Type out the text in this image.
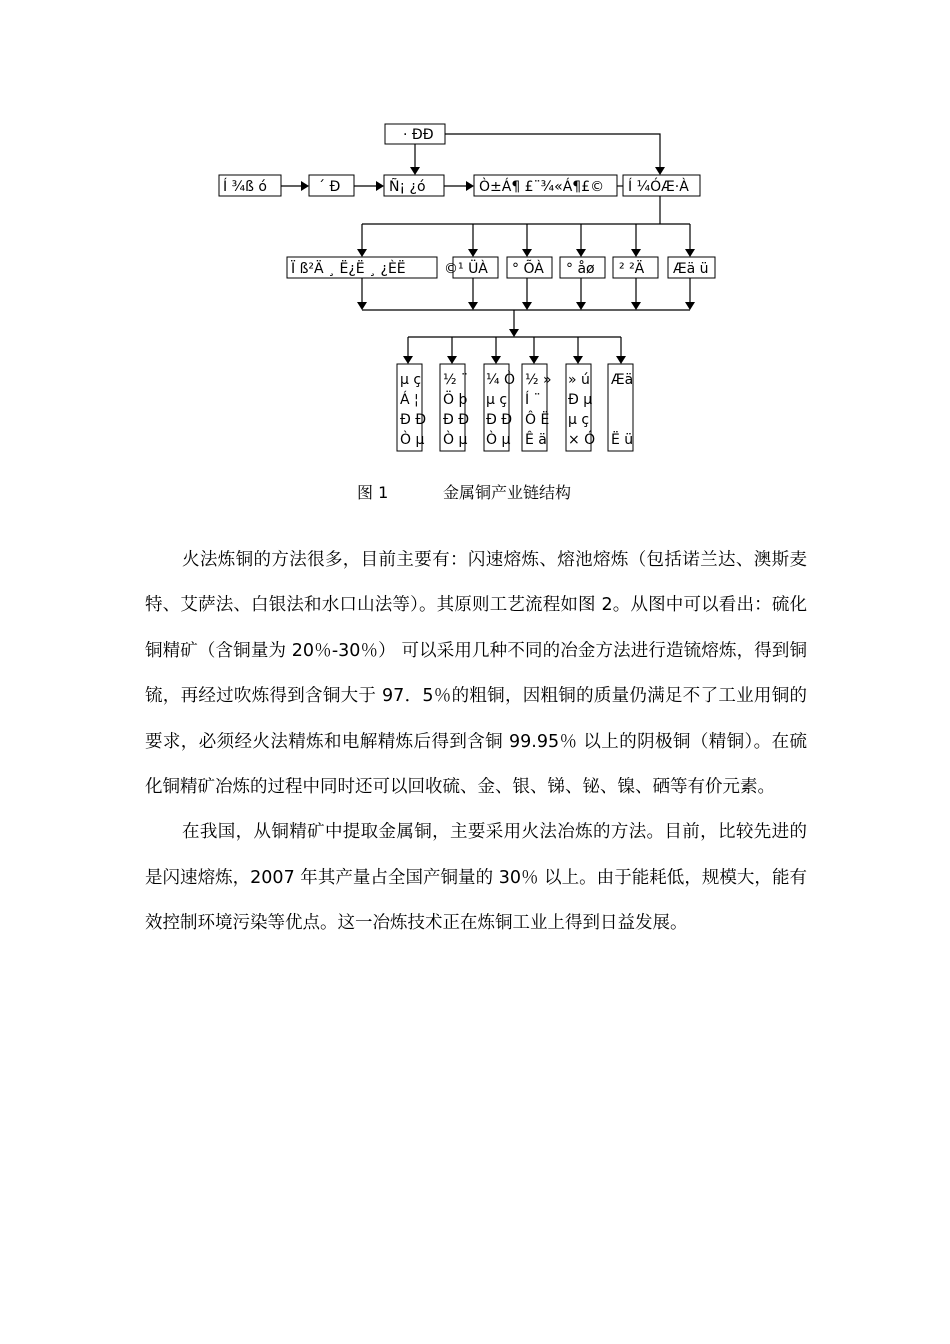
· ÐÐ
Í ¾ß ó	´ Ð	Ñ¡ ¿ó	Ò±Á¶ £¨¾«Á¶£© Í ¼ÓÆ·À
Ï ß²Ä ¸ Ë¿Ë ¸ ¿ÈË	©¹ ÜÀ ° ÕÀ ° åø ² ²Ä Æä ü
µ ç
Á ¦
Ð Ð
Ò µ
½ ¨
Ö þ
Ð Ð
Ò µ
¼ Ò
µ ç
Ð Ð
Ò µ
½ »
Í ¨
Ô Ë
Ê ä
» ú
Ð µ
µ ç
× Ó
Æä
Ë ü
图 1	金属铜产业链结构

火法炼铜的方法很多，目前主要有：闪速熔炼、熔池熔炼（包括诺兰达、澳斯麦特、艾萨法、白银法和水口山法等）。其原则工艺流程如图 2。从图中可以看出：硫化铜精矿（含铜量为 20％-30％） 可以采用几种不同的冶金方法进行造锍熔炼，得到铜锍，再经过吹炼得到含铜大于 97．5％的粗铜，因粗铜的质量仍满足不了工业用铜的要求，必须经火法精炼和电解精炼后得到含铜 99.95％ 以上的阴极铜（精铜）。在硫化铜精矿冶炼的过程中同时还可以回收硫、金、银、锑、铋、镍、硒等有价元素。

在我国，从铜精矿中提取金属铜，主要采用火法冶炼的方法。目前，比较先进的是闪速熔炼，2007 年其产量占全国产铜量的 30％ 以上。由于能耗低，规模大，能有效控制环境污染等优点。这一冶炼技术正在炼铜工业上得到日益发展。
